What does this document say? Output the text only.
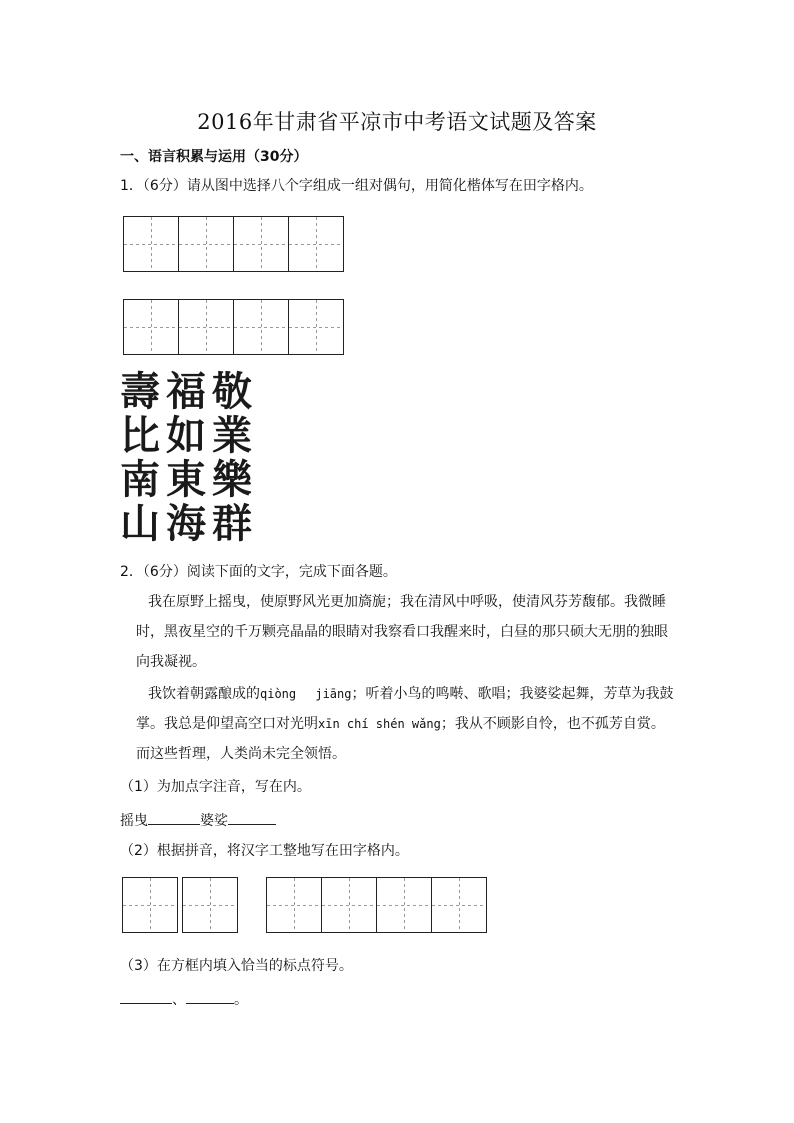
2016年甘肃省平凉市中考语文试题及答案
一、语言积累与运用（30分）
1．（6分）请从图中选择八个字组成一组对偶句，用简化楷体写在田字格内。
壽福敬
比如業
南東樂
山海群
2．（6分）阅读下面的文字，完成下面各题。
我在原野上摇曳，使原野风光更加旖旎；我在清风中呼吸，使清风芬芳馥郁。我微睡
时，黑夜星空的千万颗亮晶晶的眼睛对我察看口我醒来时，白昼的那只硕大无朋的独眼
向我凝视。
我饮着朝露酿成的qiòng　 jiāng；听着小鸟的鸣啭、歌唱；我婆娑起舞，芳草为我鼓
掌。我总是仰望高空口对光明xīn chí shén wǎng；我从不顾影自怜，也不孤芳自赏。
而这些哲理，人类尚未完全领悟。
（1）为加点字注音，写在内。
摇曳	婆娑
（2）根据拼音，将汉字工整地写在田字格内。
（3）在方框内填入恰当的标点符号。
、	。
